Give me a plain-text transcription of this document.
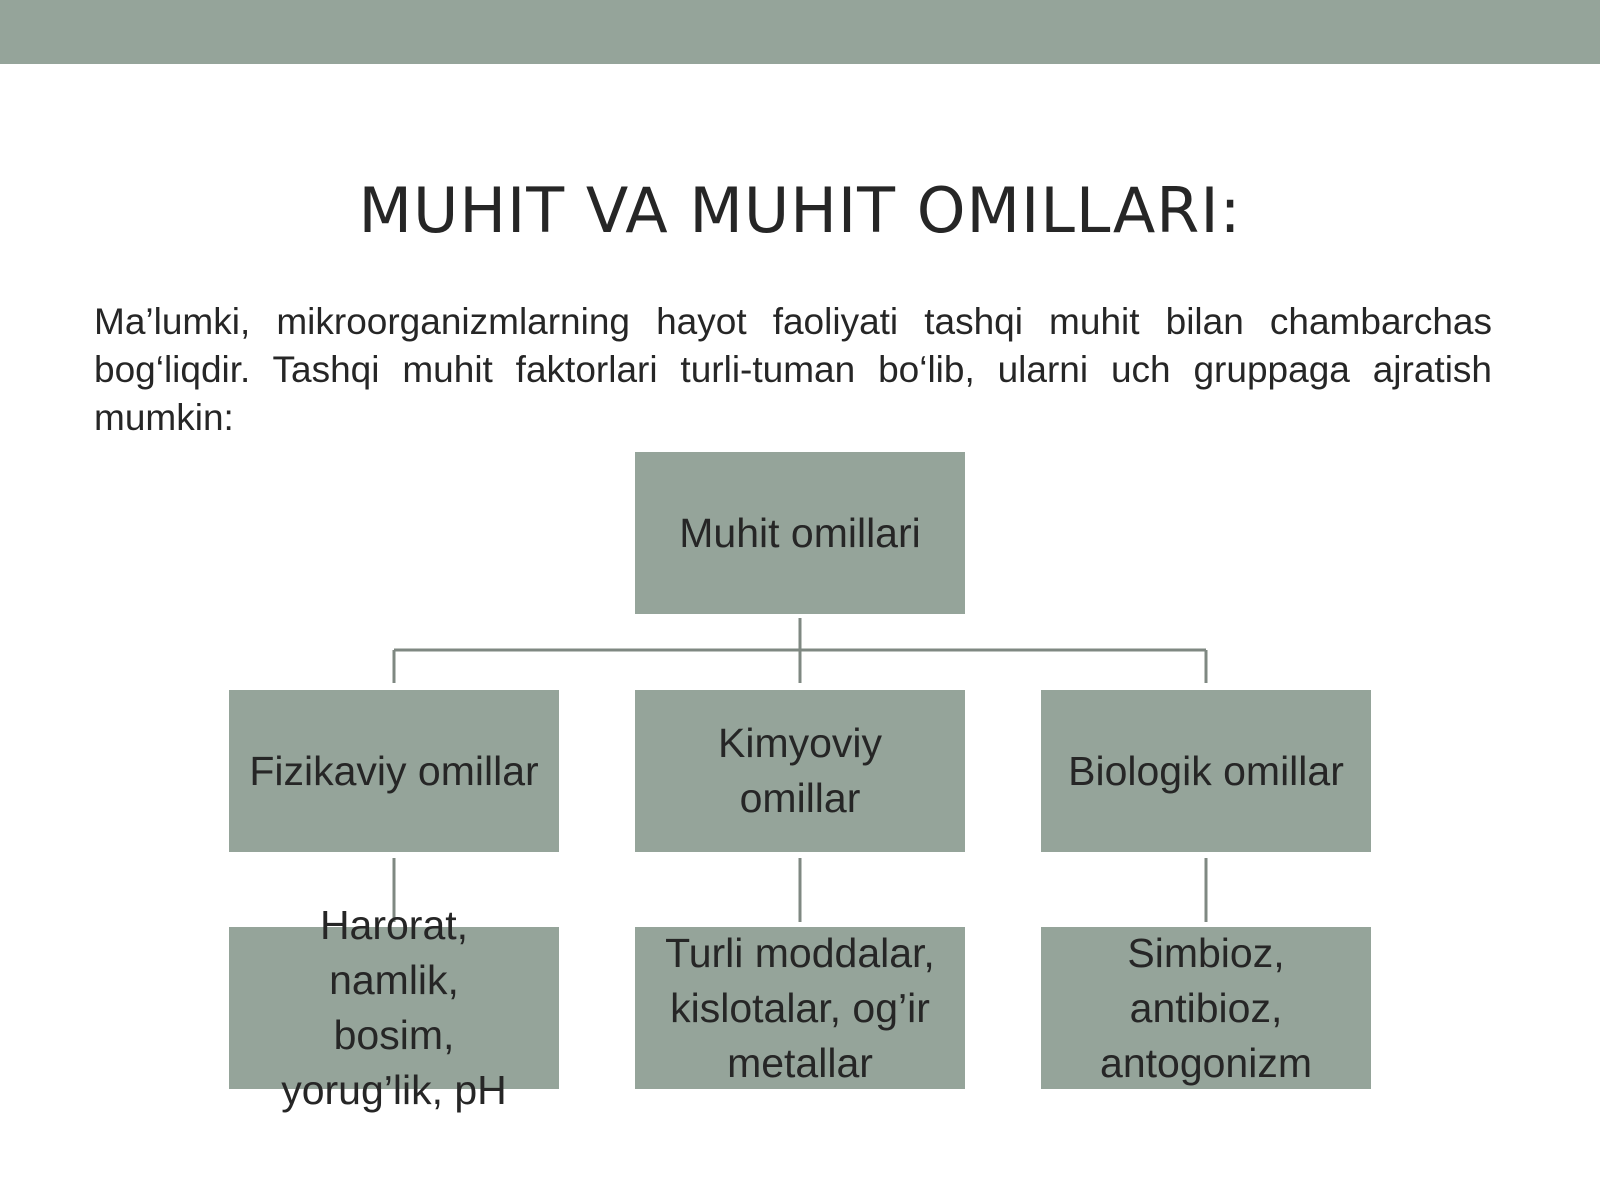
MUHIT VA MUHIT OMILLARI:
Ma’lumki, mikroorganizmlarning hayot faoliyati tashqi muhit bilan chambarchas bog‘liqdir. Tashqi muhit faktorlari turli-tuman bo‘lib, ularni uch gruppaga ajratish mumkin:
Muhit omillari
Fizikaviy omillar
Kimyoviy omillar
Biologik omillar
Harorat, namlik, bosim, yorug’lik, pH
Turli moddalar, kislotalar, og’ir metallar
Simbioz, antibioz, antogonizm
